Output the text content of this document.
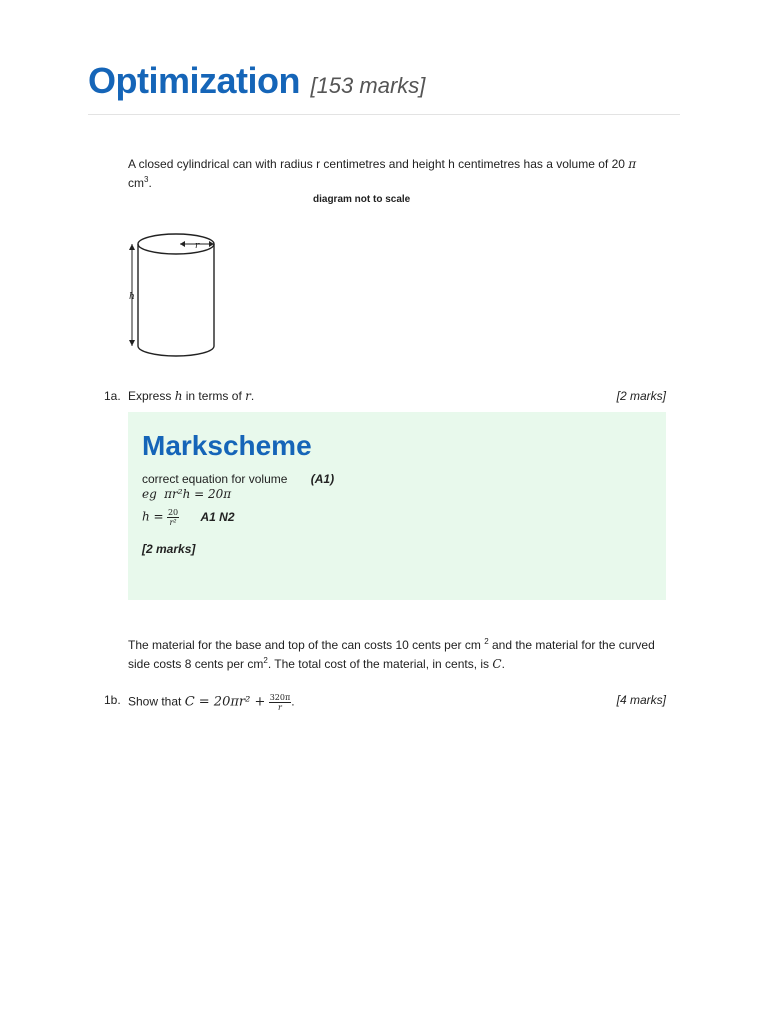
Optimization [153 marks]
A closed cylindrical can with radius r centimetres and height h centimetres has a volume of 20 π
$cm^3$.
diagram not to scale
r
h
1a. Express h in terms of r.	[2 marks]
Markscheme
correct equation for volume (A1)
eg πr²h = 20π
$h = \frac{20}{\text{r²}} A1$ N2
[2 marks]
The material for the base and top of the can costs 10 cents per cm $^2$ and the material for the curved side costs 8 cents per $cm^2$. The total cost of the material, in cents, is C.
1b. Show that $C = 20\pi r^2 + \frac{320\pi}{r}$ .	[4 marks]
